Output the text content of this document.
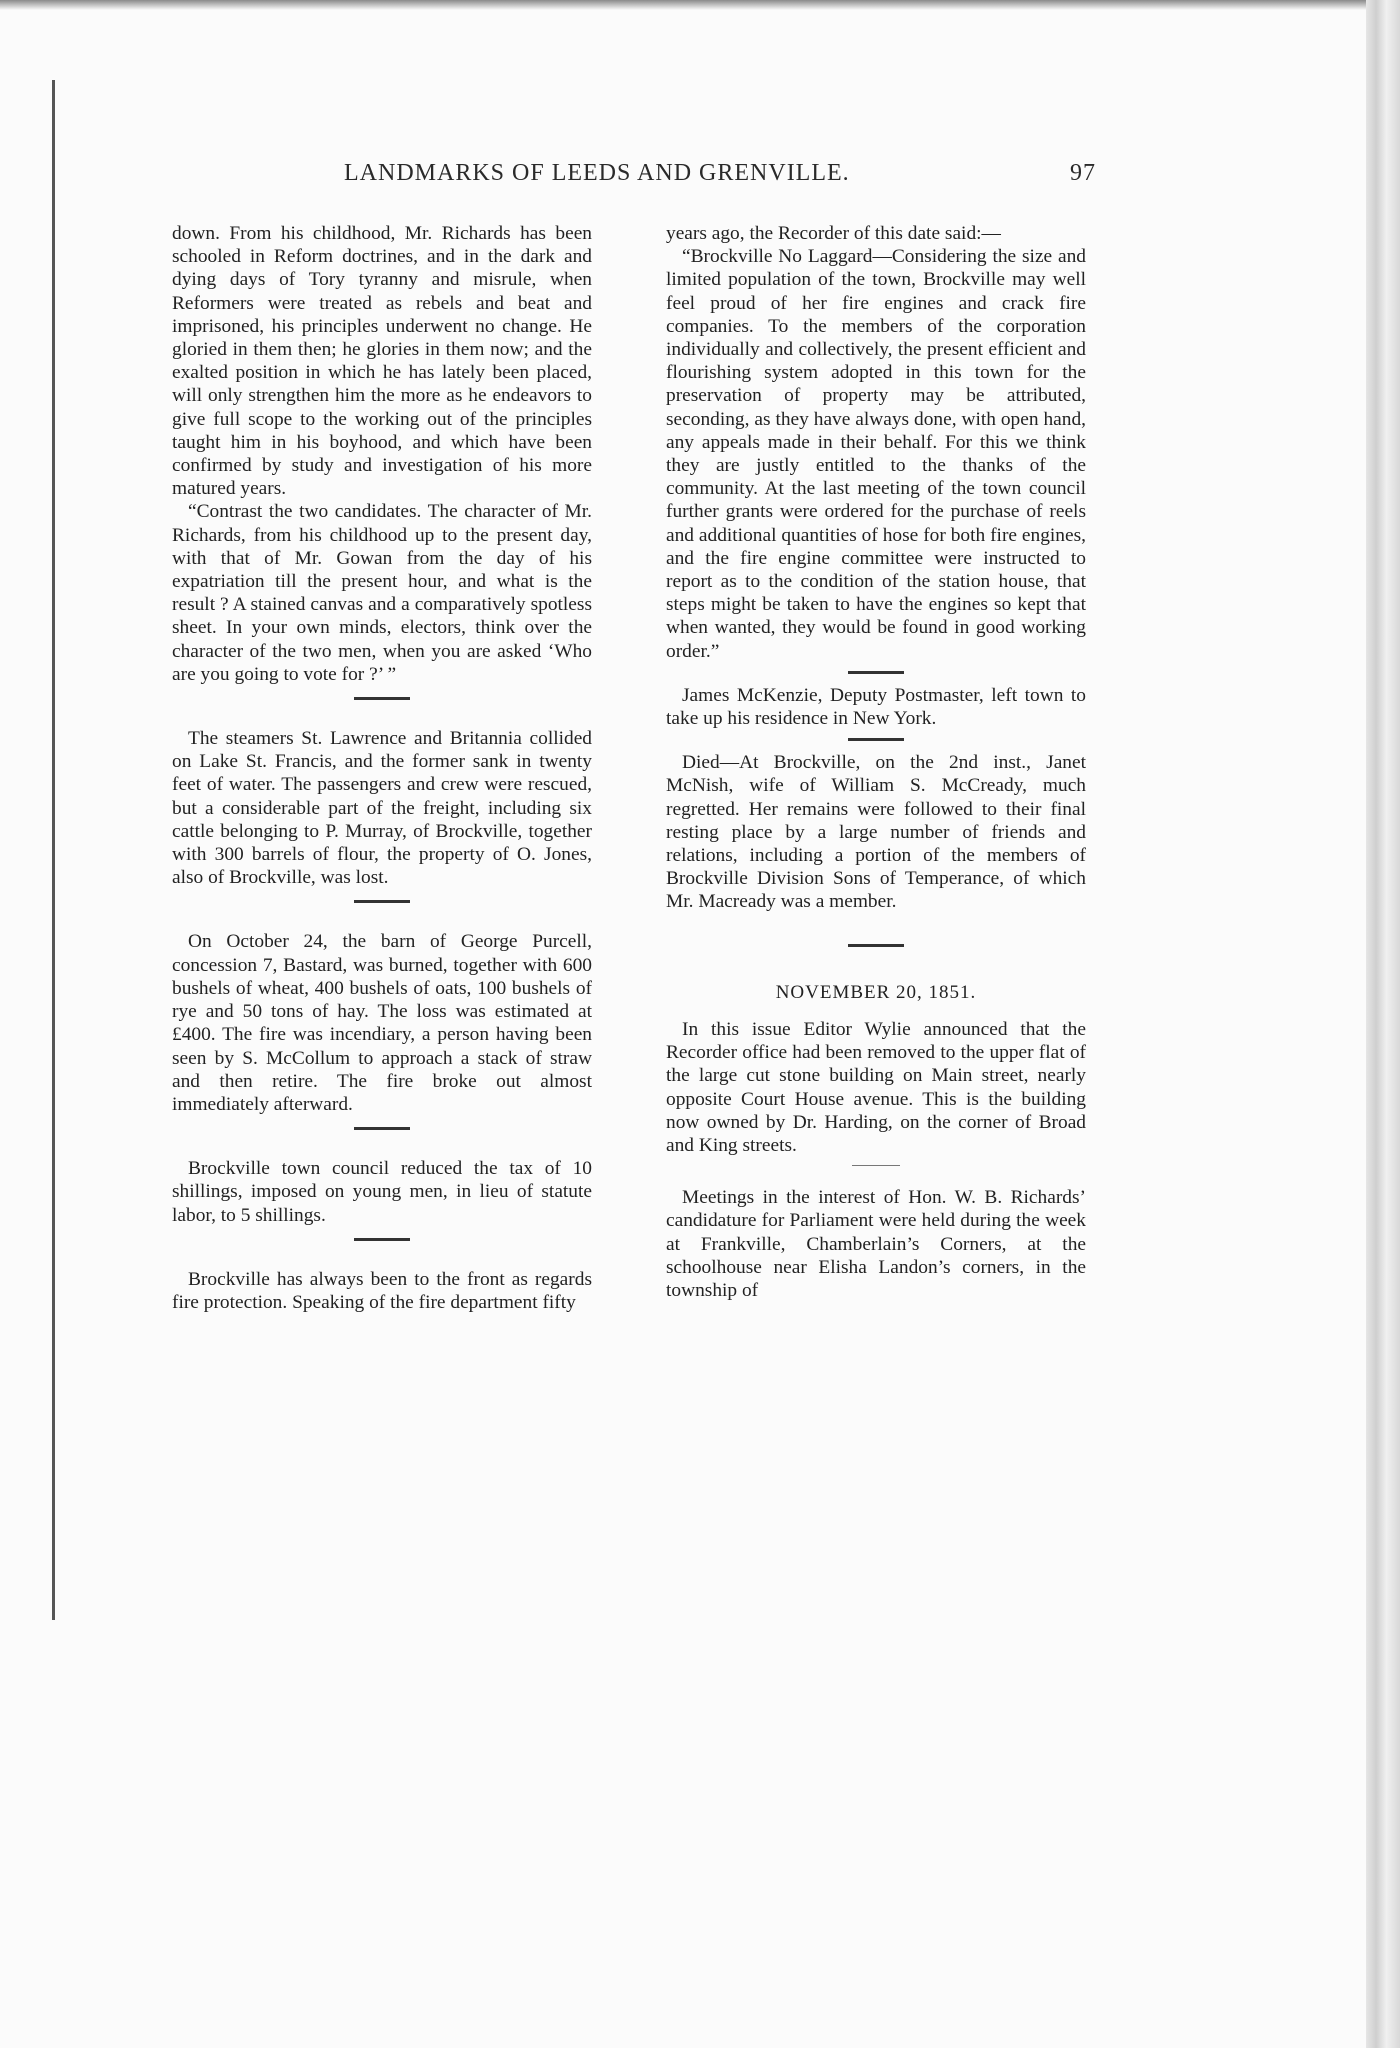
LANDMARKS OF LEEDS AND GRENVILLE.	97

down. From his childhood, Mr. Richards has been schooled in Reform doctrines, and in the dark and dying days of Tory tyranny and misrule, when Reformers were treated as rebels and beat and imprisoned, his principles underwent no change. He gloried in them then; he glories in them now; and the exalted position in which he has lately been placed, will only strengthen him the more as he endeavors to give full scope to the working out of the principles taught him in his boyhood, and which have been confirmed by study and investigation of his more matured years.

“Contrast the two candidates. The character of Mr. Richards, from his childhood up to the present day, with that of Mr. Gowan from the day of his expatriation till the present hour, and what is the result ? A stained canvas and a comparatively spotless sheet. In your own minds, electors, think over the character of the two men, when you are asked ‘Who are you going to vote for ?’ ”

The steamers St. Lawrence and Britannia collided on Lake St. Francis, and the former sank in twenty feet of water. The passengers and crew were rescued, but a considerable part of the freight, including six cattle belonging to P. Murray, of Brockville, together with 300 barrels of flour, the property of O. Jones, also of Brockville, was lost.

On October 24, the barn of George Purcell, concession 7, Bastard, was burned, together with 600 bushels of wheat, 400 bushels of oats, 100 bushels of rye and 50 tons of hay. The loss was estimated at £400. The fire was incendiary, a person having been seen by S. McCollum to approach a stack of straw and then retire. The fire broke out almost immediately afterward.

Brockville town council reduced the tax of 10 shillings, imposed on young men, in lieu of statute labor, to 5 shillings.

Brockville has always been to the front as regards fire protection. Speaking of the fire department fifty

years ago, the Recorder of this date said:—

“Brockville No Laggard—Considering the size and limited population of the town, Brockville may well feel proud of her fire engines and crack fire companies. To the members of the corporation individually and collectively, the present efficient and flourishing system adopted in this town for the preservation of property may be attributed, seconding, as they have always done, with open hand, any appeals made in their behalf. For this we think they are justly entitled to the thanks of the community. At the last meeting of the town council further grants were ordered for the purchase of reels and additional quantities of hose for both fire engines, and the fire engine committee were instructed to report as to the condition of the station house, that steps might be taken to have the engines so kept that when wanted, they would be found in good working order.”

James McKenzie, Deputy Postmaster, left town to take up his residence in New York.

Died—At Brockville, on the 2nd inst., Janet McNish, wife of William S. McCready, much regretted. Her remains were followed to their final resting place by a large number of friends and relations, including a portion of the members of Brockville Division Sons of Temperance, of which Mr. Macready was a member.

NOVEMBER 20, 1851.

In this issue Editor Wylie announced that the Recorder office had been removed to the upper flat of the large cut stone building on Main street, nearly opposite Court House avenue. This is the building now owned by Dr. Harding, on the corner of Broad and King streets.

Meetings in the interest of Hon. W. B. Richards’ candidature for Parliament were held during the week at Frankville, Chamberlain’s Corners, at the schoolhouse near Elisha Landon’s corners, in the township of
